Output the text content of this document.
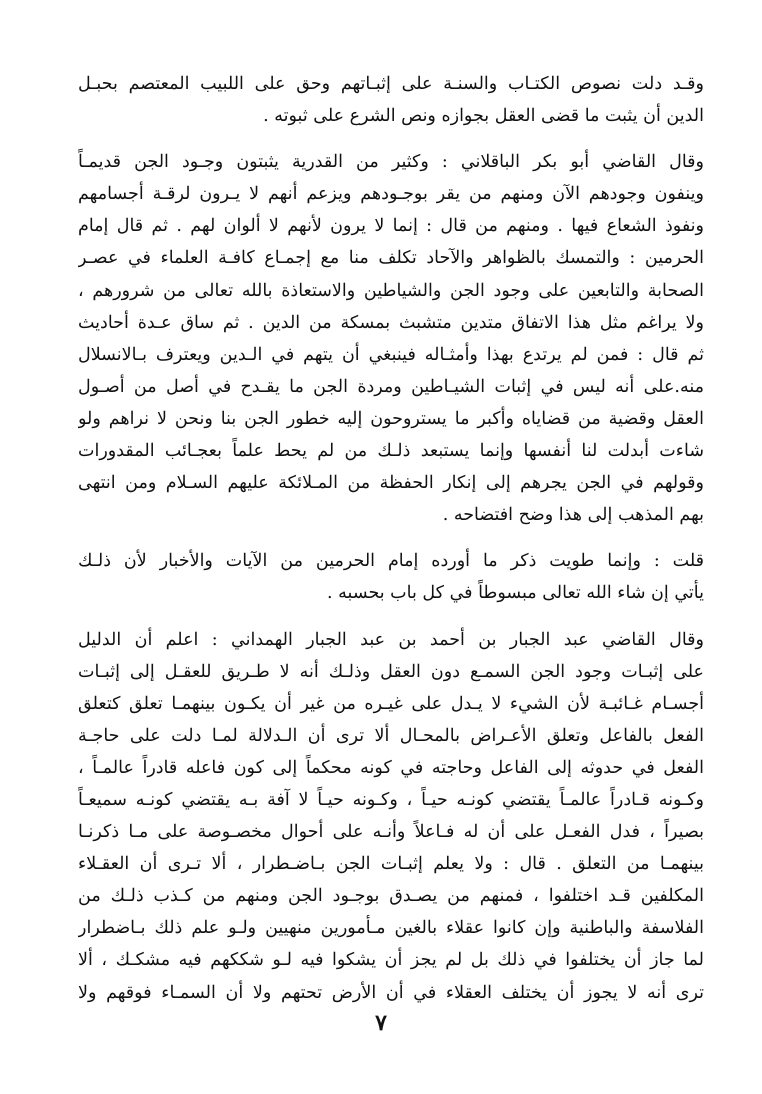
وقـد دلت نصوص الكتـاب والسنـة على إثبـاتهم وحق على اللبيب المعتصم بحبـل
الدين أن يثبت ما قضى العقل بجوازه ونص الشرع على ثبوته .

وقال القاضي أبو بكر الباقلاني : وكثير من القدرية يثبتون وجـود الجن قديمـاً
وينفون وجودهم الآن ومنهم من يقر بوجـودهم ويزعم أنهم لا يـرون لرقـة أجسامهم
ونفوذ الشعاع فيها . ومنهم من قال : إنما لا يرون لأنهم لا ألوان لهم . ثم قال إمام
الحرمين : والتمسك بالظواهر والآحاد تكلف منا مع إجمـاع كافـة العلماء في عصـر
الصحابة والتابعين على وجود الجن والشياطين والاستعاذة بالله تعالى من شرورهم ،
ولا يراغم مثل هذا الاتفاق متدين متشبث بمسكة من الدين . ثم ساق عـدة أحاديث
ثم قال : فمن لم يرتدع بهذا وأمثـاله فينبغي أن يتهم في الـدين ويعترف بـالانسلال
منه.على أنه ليس في إثبات الشيـاطين ومردة الجن ما يقـدح في أصل من أصـول
العقل وقضية من قضاياه وأكبر ما يستروحون إليه خطور الجن بنا ونحن لا نراهم ولو
شاءت أبدلت لنا أنفسها وإنما يستبعد ذلـك من لم يحط علماً بعجـائب المقدورات
وقولهم في الجن يجرهم إلى إنكار الحفظة من المـلائكة عليهم السـلام ومن انتهى
بهم المذهب إلى هذا وضح افتضاحه .

قلت : وإنما طويت ذكر ما أورده إمام الحرمين من الآيات والأخبار لأن ذلـك
يأتي إن شاء الله تعالى مبسوطاً في كل باب بحسبه .

وقال القاضي عبد الجبار بن أحمد بن عبد الجبار الهمداني : اعلم أن الدليل
على إثبـات وجود الجن السمـع دون العقل وذلـك أنه لا طـريق للعقـل إلى إثبـات
أجسـام غـائبـة لأن الشيء لا يـدل على غيـره من غير أن يكـون بينهمـا تعلق كتعلق
الفعل بالفاعل وتعلق الأعـراض بالمحـال ألا ترى أن الـدلالة لمـا دلت على حاجـة
الفعل في حدوثه إلى الفاعل وحاجته في كونه محكماً إلى كون فاعله قادراً عالمـاً ،
وكـونه قـادراً عالمـاً يقتضي كونـه حيـاً ، وكـونه حيـاً لا آفة بـه يقتضي كونـه سميعـاً
بصيراً ، فدل الفعـل على أن له فـاعلاً وأنـه على أحوال مخصـوصة على مـا ذكرنـا
بينهمـا من التعلق . قال : ولا يعلم إثبـات الجن بـاضـطرار ، ألا تـرى أن العقـلاء
المكلفين قـد اختلفوا ، فمنهم من يصـدق بوجـود الجن ومنهم من كـذب ذلـك من
الفلاسفة والباطنية وإن كانوا عقلاء بالغين مـأمورين منهيين ولـو علم ذلك بـاضطرار
لما جاز أن يختلفوا في ذلك بل لم يجز أن يشكوا فيه لـو شككهم فيه مشكـك ، ألا
ترى أنه لا يجوز أن يختلف العقلاء في أن الأرض تحتهم ولا أن السمـاء فوقهم ولا

٧
